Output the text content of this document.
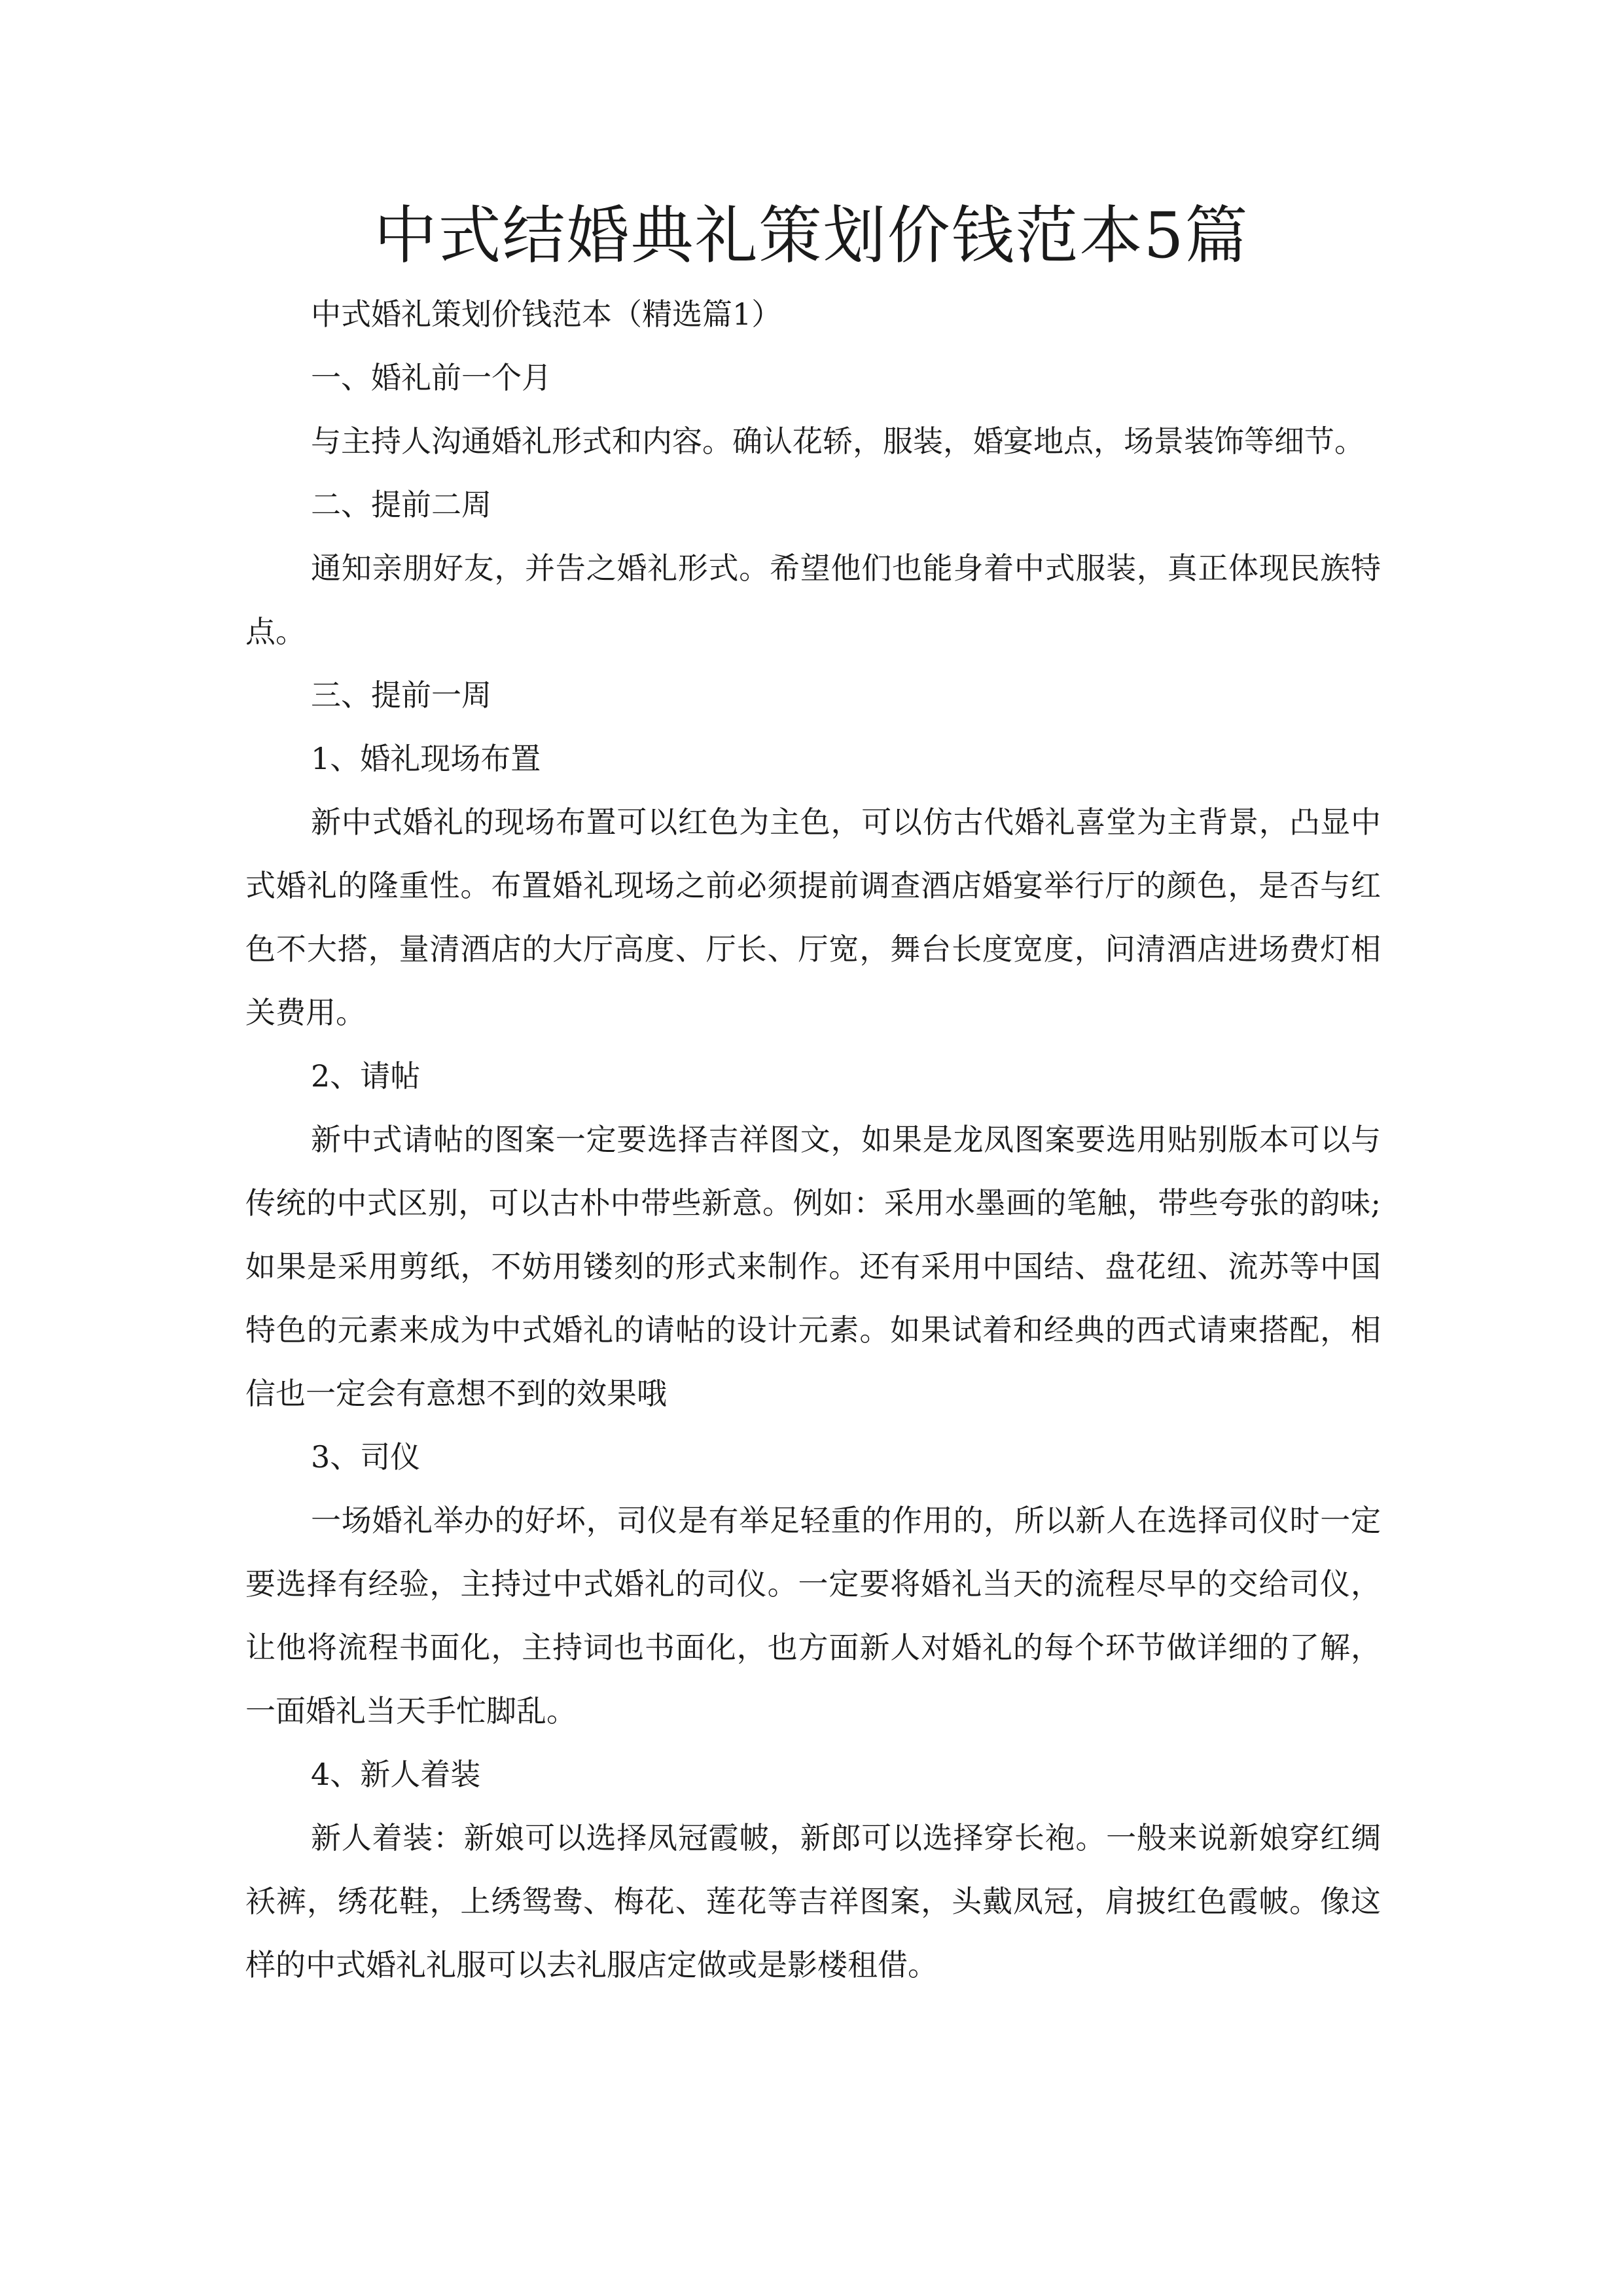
中式结婚典礼策划价钱范本5篇

中式婚礼策划价钱范本（精选篇1）

一、婚礼前一个月

与主持人沟通婚礼形式和内容。确认花轿，服装，婚宴地点，场景装饰等细节。

二、提前二周

通知亲朋好友，并告之婚礼形式。希望他们也能身着中式服装，真正体现民族特点。

三、提前一周

1、婚礼现场布置

新中式婚礼的现场布置可以红色为主色，可以仿古代婚礼喜堂为主背景，凸显中式婚礼的隆重性。布置婚礼现场之前必须提前调查酒店婚宴举行厅的颜色，是否与红色不大搭，量清酒店的大厅高度、厅长、厅宽，舞台长度宽度，问清酒店进场费灯相关费用。

2、请帖

新中式请帖的图案一定要选择吉祥图文，如果是龙凤图案要选用贴别版本可以与传统的中式区别，可以古朴中带些新意。例如：采用水墨画的笔触，带些夸张的韵味;如果是采用剪纸，不妨用镂刻的形式来制作。还有采用中国结、盘花纽、流苏等中国特色的元素来成为中式婚礼的请帖的设计元素。如果试着和经典的西式请柬搭配，相信也一定会有意想不到的效果哦

3、司仪

一场婚礼举办的好坏，司仪是有举足轻重的作用的，所以新人在选择司仪时一定要选择有经验，主持过中式婚礼的司仪。一定要将婚礼当天的流程尽早的交给司仪，让他将流程书面化，主持词也书面化，也方面新人对婚礼的每个环节做详细的了解，一面婚礼当天手忙脚乱。

4、新人着装

新人着装：新娘可以选择凤冠霞帔，新郎可以选择穿长袍。一般来说新娘穿红绸袄裤，绣花鞋，上绣鸳鸯、梅花、莲花等吉祥图案，头戴凤冠，肩披红色霞帔。像这样的中式婚礼礼服可以去礼服店定做或是影楼租借。
